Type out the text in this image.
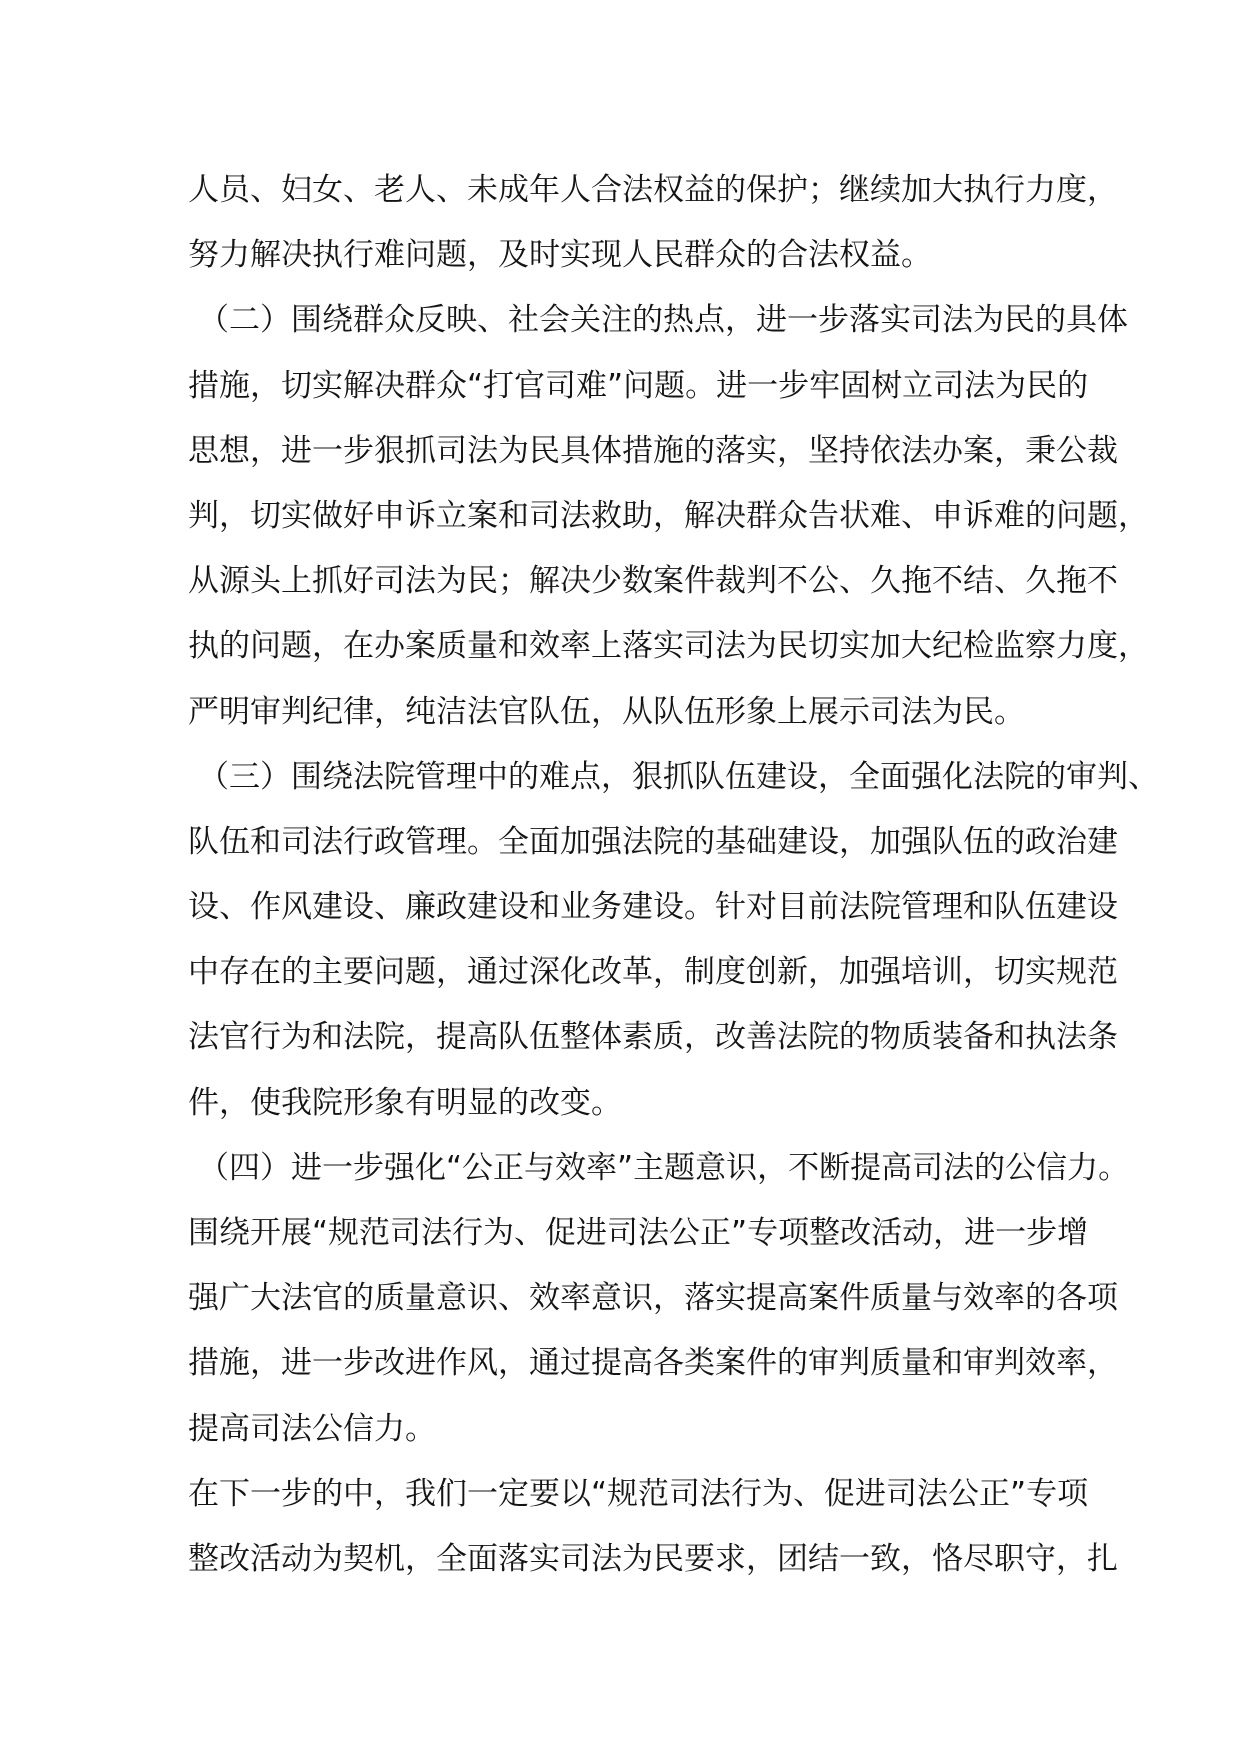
人员、妇女、老人、未成年人合法权益的保护；继续加大执行力度，
努力解决执行难问题，及时实现人民群众的合法权益。
（二）围绕群众反映、社会关注的热点，进一步落实司法为民的具体
措施，切实解决群众“打官司难”问题。进一步牢固树立司法为民的
思想，进一步狠抓司法为民具体措施的落实，坚持依法办案，秉公裁
判，切实做好申诉立案和司法救助，解决群众告状难、申诉难的问题，
从源头上抓好司法为民；解决少数案件裁判不公、久拖不结、久拖不
执的问题，在办案质量和效率上落实司法为民切实加大纪检监察力度，
严明审判纪律，纯洁法官队伍，从队伍形象上展示司法为民。
（三）围绕法院管理中的难点，狠抓队伍建设，全面强化法院的审判、
队伍和司法行政管理。全面加强法院的基础建设，加强队伍的政治建
设、作风建设、廉政建设和业务建设。针对目前法院管理和队伍建设
中存在的主要问题，通过深化改革，制度创新，加强培训，切实规范
法官行为和法院，提高队伍整体素质，改善法院的物质装备和执法条
件，使我院形象有明显的改变。
（四）进一步强化“公正与效率”主题意识，不断提高司法的公信力。
围绕开展“规范司法行为、促进司法公正”专项整改活动，进一步增
强广大法官的质量意识、效率意识，落实提高案件质量与效率的各项
措施，进一步改进作风，通过提高各类案件的审判质量和审判效率，
提高司法公信力。
在下一步的中，我们一定要以“规范司法行为、促进司法公正”专项
整改活动为契机，全面落实司法为民要求，团结一致，恪尽职守，扎
